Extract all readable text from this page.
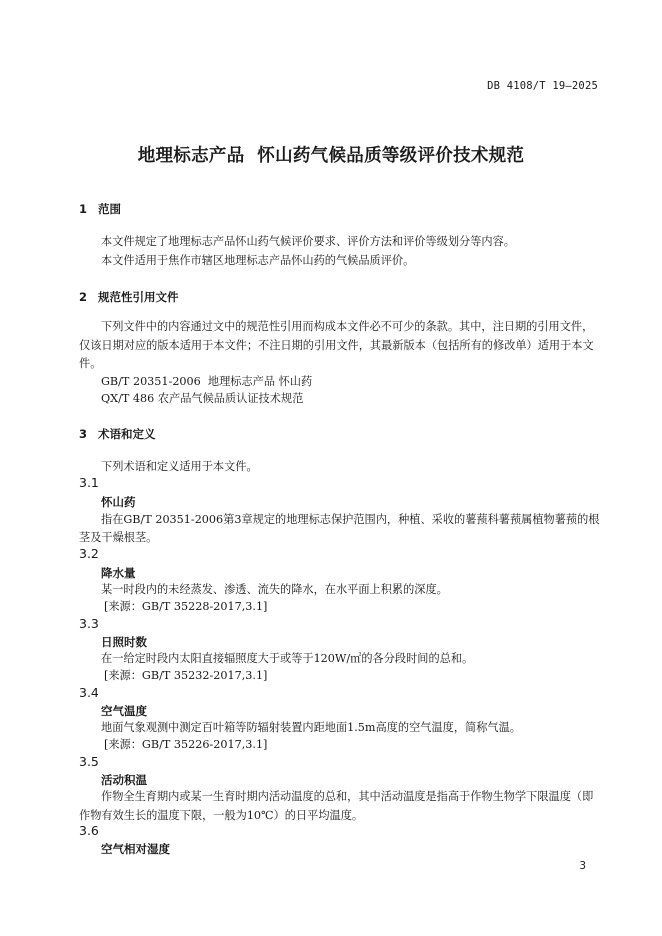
DB 4108/T 19—2025
地理标志产品  怀山药气候品质等级评价技术规范
1 范围
本文件规定了地理标志产品怀山药气候评价要求、评价方法和评价等级划分等内容。
本文件适用于焦作市辖区地理标志产品怀山药的气候品质评价。
2 规范性引用文件
下列文件中的内容通过文中的规范性引用而构成本文件必不可少的条款。其中，注日期的引用文件，仅该日期对应的版本适用于本文件；不注日期的引用文件，其最新版本（包括所有的修改单）适用于本文件。
GB/T 20351-2006  地理标志产品 怀山药
QX/T 486 农产品气候品质认证技术规范
3 术语和定义
下列术语和定义适用于本文件。
3.1
怀山药
指在GB/T 20351-2006第3章规定的地理标志保护范围内，种植、采收的薯蓣科薯蓣属植物薯蓣的根茎及干燥根茎。
3.2
降水量
某一时段内的未经蒸发、渗透、流失的降水，在水平面上积累的深度。
[来源：GB/T 35228-2017,3.1]
3.3
日照时数
在一给定时段内太阳直接辐照度大于或等于120W/㎡的各分段时间的总和。
[来源：GB/T 35232-2017,3.1]
3.4
空气温度
地面气象观测中测定百叶箱等防辐射装置内距地面1.5m高度的空气温度，简称气温。
[来源：GB/T 35226-2017,3.1]
3.5
活动积温
作物全生育期内或某一生育时期内活动温度的总和，其中活动温度是指高于作物生物学下限温度（即作物有效生长的温度下限，一般为10℃）的日平均温度。
3.6
空气相对湿度
3
